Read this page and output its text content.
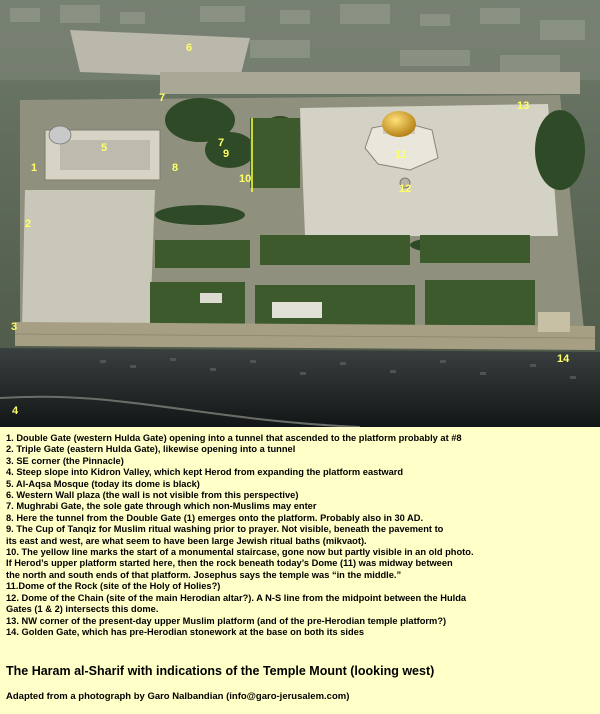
1
2
3
4
5
6
7
7
8
9
10
11
12
13
14
1. Double Gate (western Hulda Gate) opening into a tunnel that ascended to the platform probably at #8
2. Triple Gate (eastern Hulda Gate), likewise opening into a tunnel
3. SE corner (the Pinnacle)
4. Steep slope into Kidron Valley, which kept Herod from expanding the platform eastward
5. Al-Aqsa Mosque (today its dome is black)
6. Western Wall plaza (the wall is not visible from this perspective)
7. Mughrabi Gate, the sole gate through which non-Muslims may enter
8. Here the tunnel from the Double Gate (1) emerges onto the platform. Probably also in 30 AD.
9. The Cup of Tanqiz for Muslim ritual washing prior to prayer. Not visible, beneath the pavement to
its east and west, are what seem to have been large Jewish ritual baths (mikvaot).
10. The yellow line marks the start of a monumental staircase, gone now but partly visible in an old photo.
If Herod’s upper platform started here, then the rock beneath today’s Dome (11) was midway between
the north and south ends of that platform. Josephus says the temple was “in the middle.”
11.Dome of the Rock (site of the Holy of Holies?)
12. Dome of the Chain (site of the main Herodian altar?). A N-S line from the midpoint between the Hulda
Gates (1 & 2) intersects this dome.
13. NW corner of the present-day upper Muslim platform (and of the pre-Herodian temple platform?)
14. Golden Gate, which has pre-Herodian stonework at the base on both its sides
The Haram al-Sharif with indications of the Temple Mount (looking west)
Adapted from a photograph by Garo Nalbandian (info@garo-jerusalem.com)
